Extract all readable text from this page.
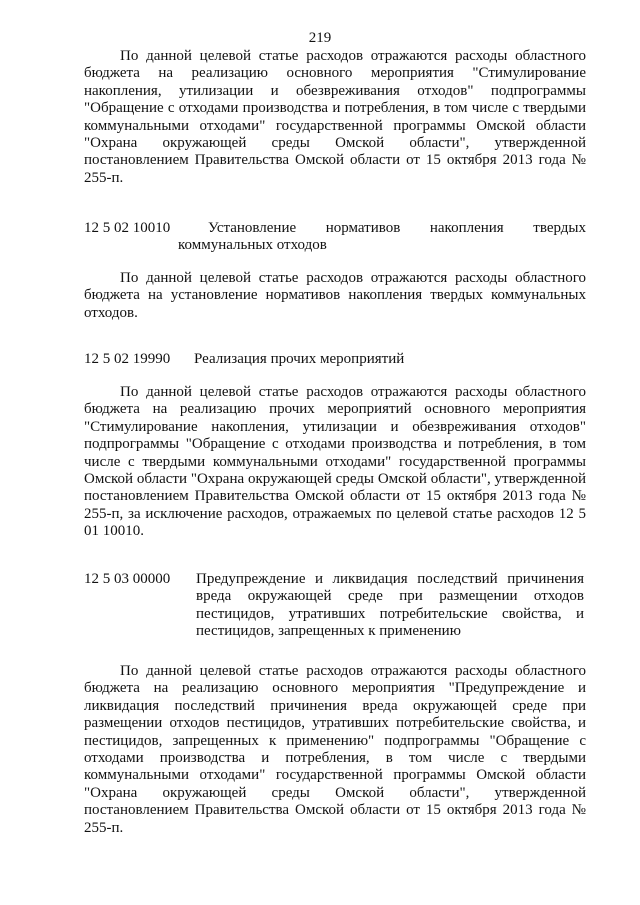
219

По данной целевой статье расходов отражаются расходы областного бюджета на реализацию основного мероприятия "Стимулирование накопления, утилизации и обезвреживания отходов" подпрограммы "Обращение с отходами производства и потребления, в том числе с твердыми коммунальными отходами" государственной программы Омской области "Охрана окружающей среды Омской области", утвержденной постановлением Правительства Омской области от 15 октября 2013 года № 255-п.

12 5 02 10010	Установление нормативов накопления твердых коммунальных отходов

По данной целевой статье расходов отражаются расходы областного бюджета на установление нормативов накопления твердых коммунальных отходов.

12 5 02 19990	Реализация прочих мероприятий

По данной целевой статье расходов отражаются расходы областного бюджета на реализацию прочих мероприятий основного мероприятия "Стимулирование накопления, утилизации и обезвреживания отходов" подпрограммы "Обращение с отходами производства и потребления, в том числе с твердыми коммунальными отходами" государственной программы Омской области "Охрана окружающей среды Омской области", утвержденной постановлением Правительства Омской области от 15 октября 2013 года № 255-п, за исключение расходов, отражаемых по целевой статье расходов 12 5 01 10010.

12 5 03 00000	Предупреждение и ликвидация последствий причинения вреда окружающей среде при размещении отходов пестицидов, утративших потребительские свойства, и пестицидов, запрещенных к применению

По данной целевой статье расходов отражаются расходы областного бюджета на реализацию основного мероприятия "Предупреждение и ликвидация последствий причинения вреда окружающей среде при размещении отходов пестицидов, утративших потребительские свойства, и пестицидов, запрещенных к применению" подпрограммы "Обращение с отходами производства и потребления, в том числе с твердыми коммунальными отходами" государственной программы Омской области "Охрана окружающей среды Омской области", утвержденной постановлением Правительства Омской области от 15 октября 2013 года № 255-п.
